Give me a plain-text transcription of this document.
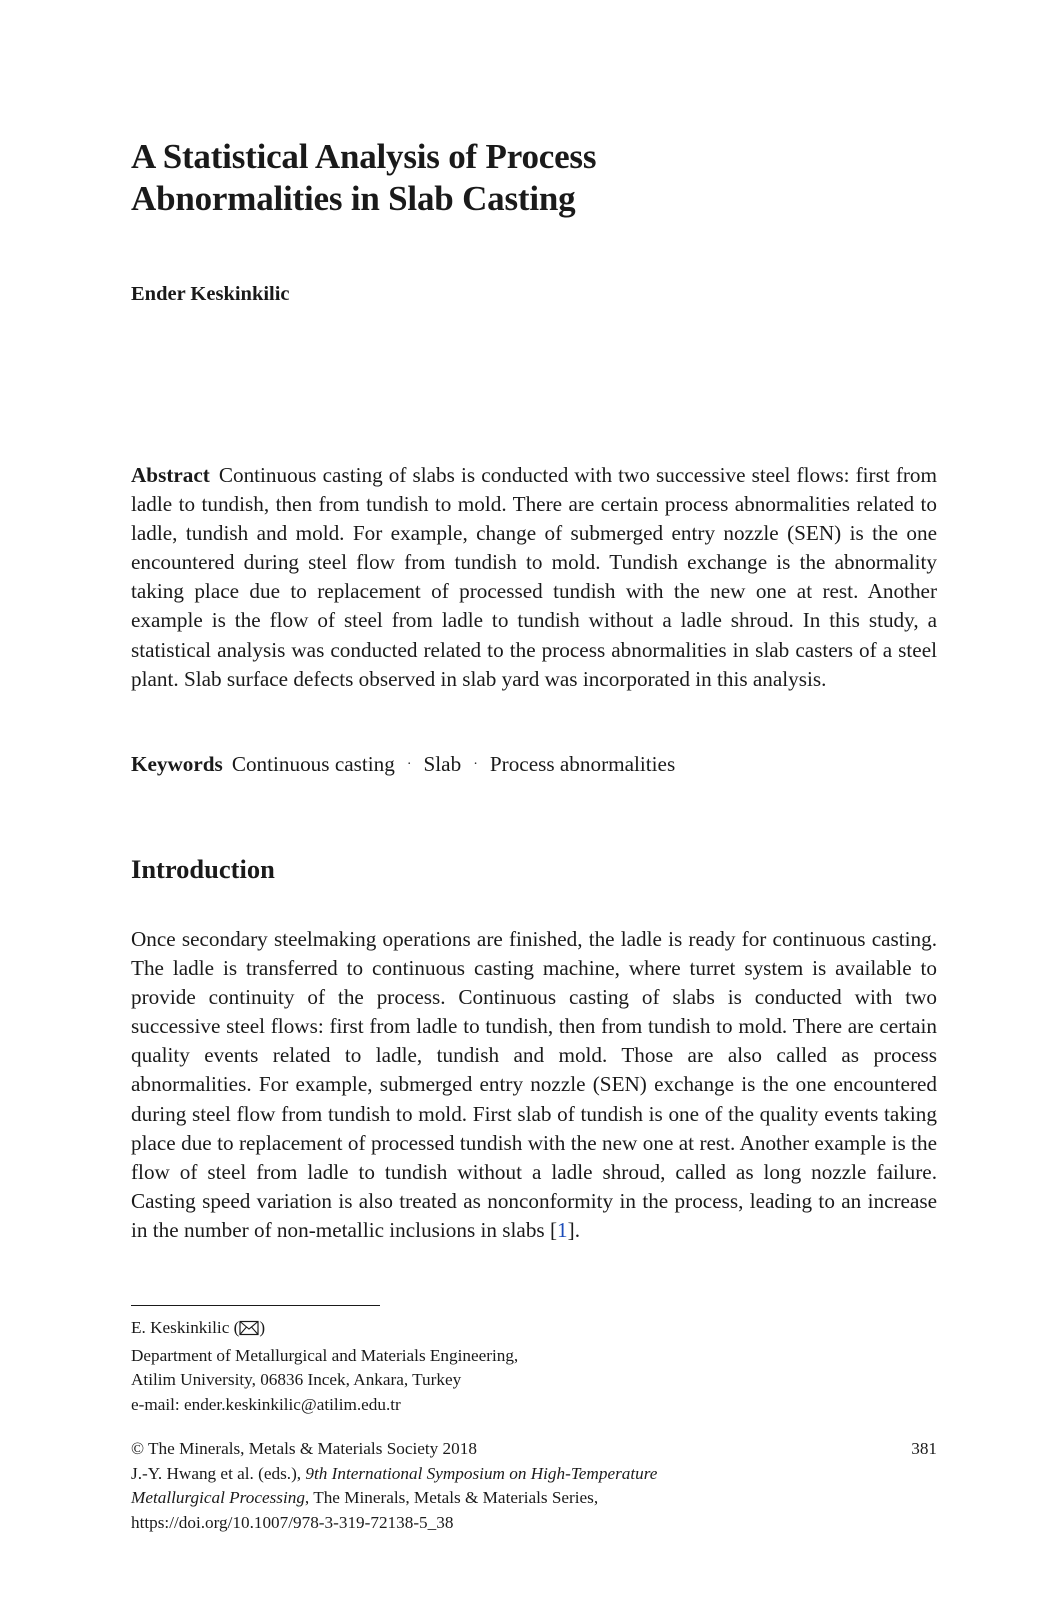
A Statistical Analysis of Process
Abnormalities in Slab Casting
Ender Keskinkilic

Abstract Continuous casting of slabs is conducted with two successive steel flows: first from ladle to tundish, then from tundish to mold. There are certain process abnormalities related to ladle, tundish and mold. For example, change of submerged entry nozzle (SEN) is the one encountered during steel flow from tundish to mold. Tundish exchange is the abnormality taking place due to replacement of processed tundish with the new one at rest. Another example is the flow of steel from ladle to tundish without a ladle shroud. In this study, a statistical analysis was conducted related to the process abnormalities in slab casters of a steel plant. Slab surface defects observed in slab yard was incorporated in this analysis.

Keywords Continuous casting · Slab · Process abnormalities
Introduction

Once secondary steelmaking operations are finished, the ladle is ready for continuous casting. The ladle is transferred to continuous casting machine, where turret system is available to provide continuity of the process. Continuous casting of slabs is conducted with two successive steel flows: first from ladle to tundish, then from tundish to mold. There are certain quality events related to ladle, tundish and mold. Those are also called as process abnormalities. For example, submerged entry nozzle (SEN) exchange is the one encountered during steel flow from tundish to mold. First slab of tundish is one of the quality events taking place due to replacement of processed tundish with the new one at rest. Another example is the flow of steel from ladle to tundish without a ladle shroud, called as long nozzle failure. Casting speed variation is also treated as nonconformity in the process, leading to an increase in the number of non-metallic inclusions in slabs [1].

E. Keskinkilic ( )
Department of Metallurgical and Materials Engineering,
Atilim University, 06836 Incek, Ankara, Turkey
e-mail: ender.keskinkilic@atilim.edu.tr
© The Minerals, Metals & Materials Society 2018
J.-Y. Hwang et al. (eds.), 9th International Symposium on High-Temperature
Metallurgical Processing, The Minerals, Metals & Materials Series,
https://doi.org/10.1007/978-3-319-72138-5_38
381
